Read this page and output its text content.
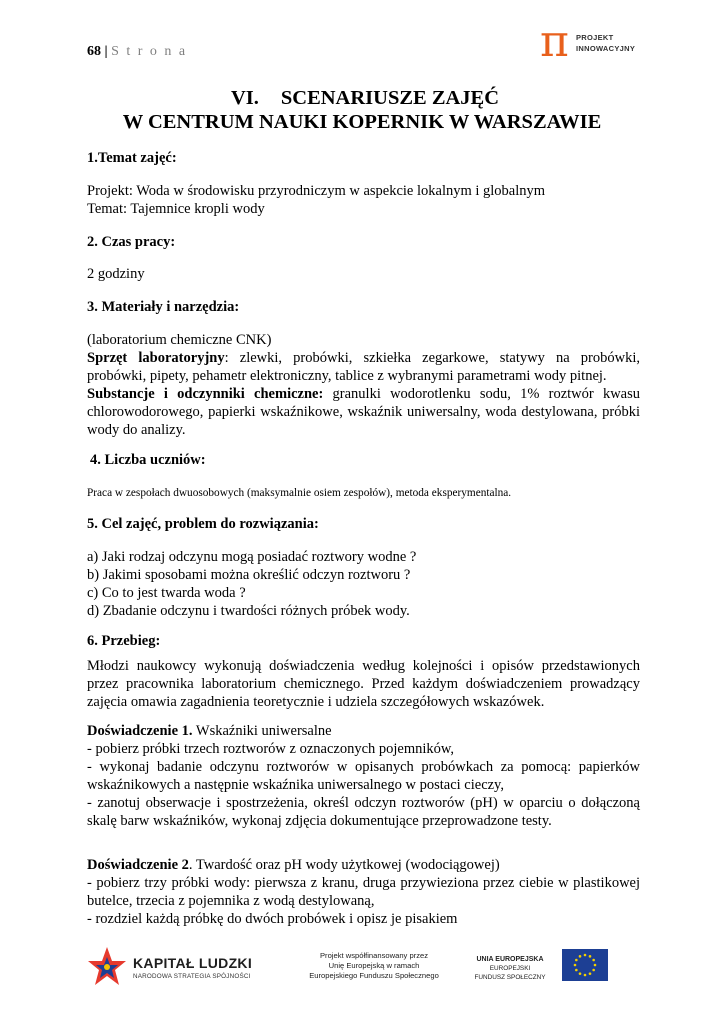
68 | S t r o n a	π PROJEKT
INNOWACYJNY
VI. SCENARIUSZE ZAJĘĆ
W CENTRUM NAUKI KOPERNIK W WARSZAWIE
1.Temat zajęć:

Projekt: Woda w środowisku przyrodniczym w aspekcie lokalnym i globalnym

Temat: Tajemnice kropli wody

2. Czas pracy:
2 godziny
3. Materiały i narzędzia:

(laboratorium chemiczne CNK)

Sprzęt laboratoryjny: zlewki, probówki, szkiełka zegarkowe, statywy na probówki, probówki, pipety, pehametr elektroniczny, tablice z wybranymi parametrami wody pitnej.

Substancje i odczynniki chemiczne: granulki wodorotlenku sodu, 1% roztwór kwasu chlorowodorowego, papierki wskaźnikowe, wskaźnik uniwersalny, woda destylowana, próbki wody do analizy.

4. Liczba uczniów:
Praca w zespołach dwuosobowych (maksymalnie osiem zespołów), metoda eksperymentalna.
5. Cel zajęć, problem do rozwiązania:

a) Jaki rodzaj odczynu mogą posiadać roztwory wodne ?

b) Jakimi sposobami można określić odczyn roztworu ?

c) Co to jest twarda woda ?

d) Zbadanie odczynu i twardości różnych próbek wody.

6. Przebieg:
Młodzi naukowcy wykonują doświadczenia według kolejności i opisów przedstawionych przez pracownika laboratorium chemicznego. Przed każdym doświadczeniem prowadzący zajęcia omawia zagadnienia teoretycznie i udziela szczegółowych wskazówek.

Doświadczenie 1. Wskaźniki uniwersalne

- pobierz próbki trzech roztworów z oznaczonych pojemników,

- wykonaj badanie odczynu roztworów w opisanych probówkach za pomocą: papierków wskaźnikowych a następnie wskaźnika uniwersalnego w postaci cieczy,

- zanotuj obserwacje i spostrzeżenia, określ odczyn roztworów (pH) w oparciu o dołączoną skalę barw wskaźników, wykonaj zdjęcia dokumentujące przeprowadzone testy.

Doświadczenie 2. Twardość oraz pH wody użytkowej (wodociągowej)

- pobierz trzy próbki wody: pierwsza z kranu, druga przywieziona przez ciebie w plastikowej butelce, trzecia z pojemnika z wodą destylowaną,

- rozdziel każdą próbkę do dwóch probówek i opisz je pisakiem

KAPITAŁ LUDZKI
NARODOWA STRATEGIA SPÓJNOŚCI
Projekt współfinansowany przez
Unię Europejską w ramach
Europejskiego Funduszu Społecznego
UNIA EUROPEJSKA
EUROPEJSKI
FUNDUSZ SPOŁECZNY
